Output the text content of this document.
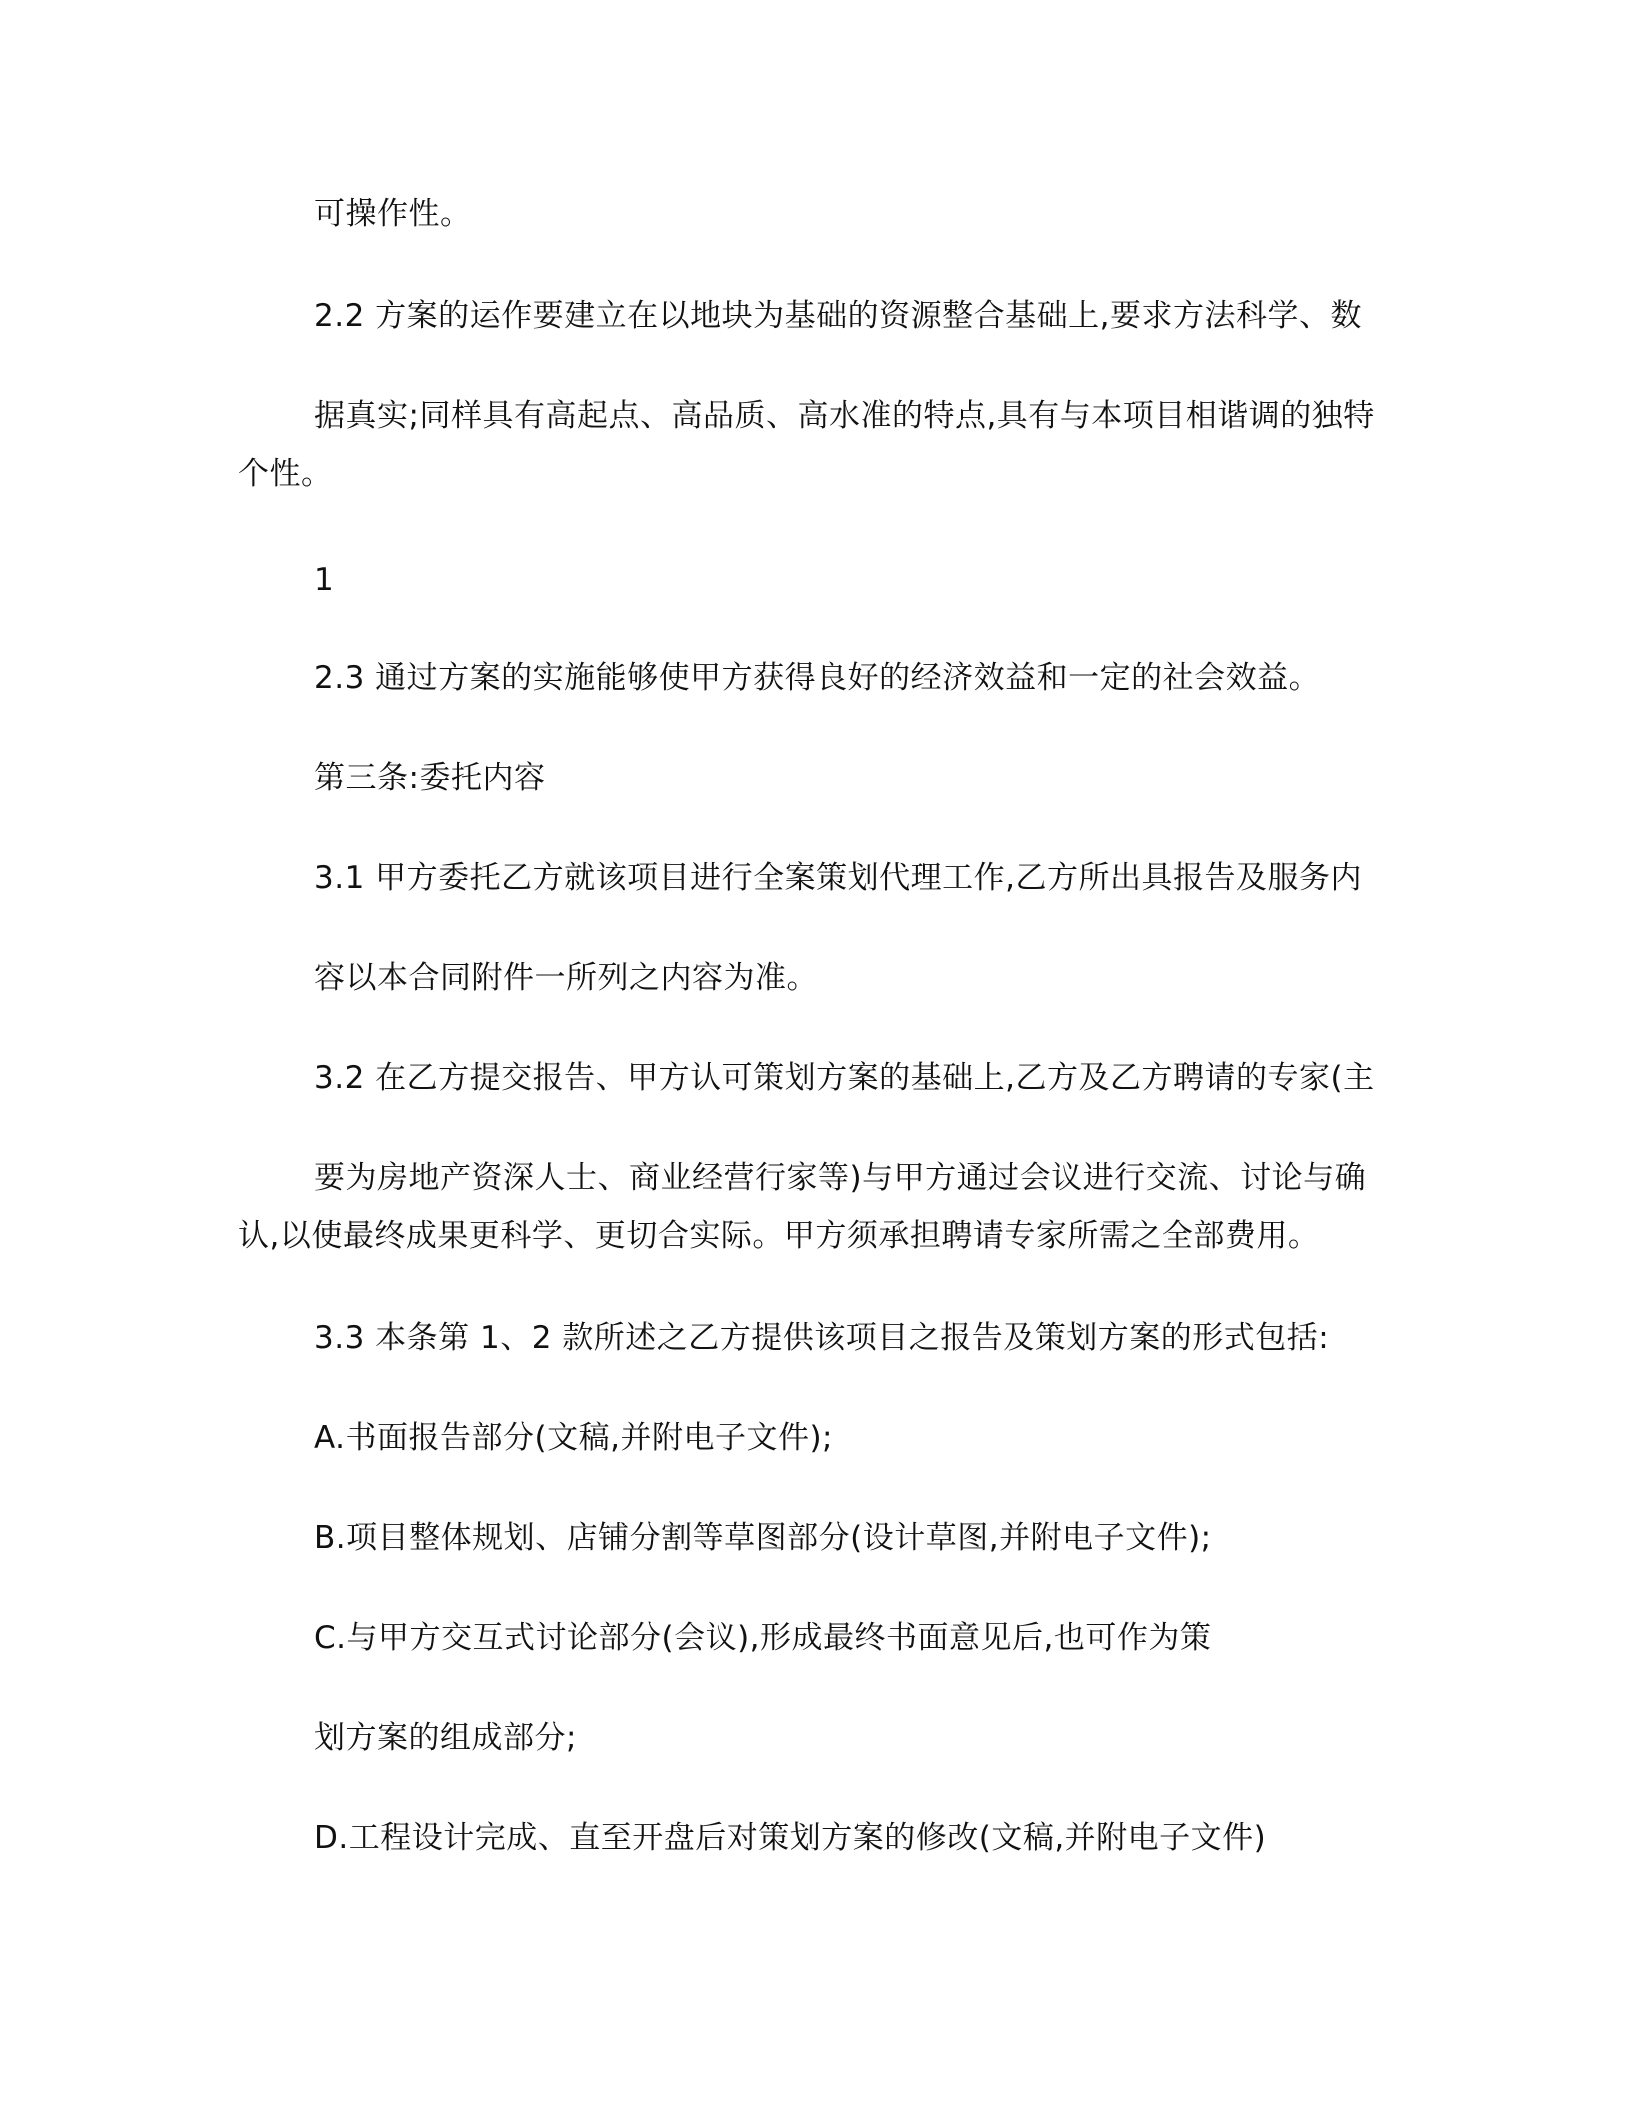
可操作性。
2.2 方案的运作要建立在以地块为基础的资源整合基础上,要求方法科学、数
据真实;同样具有高起点、高品质、高水准的特点,具有与本项目相谐调的独特
个性。
1
2.3 通过方案的实施能够使甲方获得良好的经济效益和一定的社会效益。
第三条:委托内容
3.1 甲方委托乙方就该项目进行全案策划代理工作,乙方所出具报告及服务内
容以本合同附件一所列之内容为准。
3.2 在乙方提交报告、甲方认可策划方案的基础上,乙方及乙方聘请的专家(主
要为房地产资深人士、商业经营行家等)与甲方通过会议进行交流、讨论与确
认,以使最终成果更科学、更切合实际。甲方须承担聘请专家所需之全部费用。
3.3 本条第 1、2 款所述之乙方提供该项目之报告及策划方案的形式包括:
A.书面报告部分(文稿,并附电子文件);
B.项目整体规划、店铺分割等草图部分(设计草图,并附电子文件);
C.与甲方交互式讨论部分(会议),形成最终书面意见后,也可作为策
划方案的组成部分;
D.工程设计完成、直至开盘后对策划方案的修改(文稿,并附电子文件)
